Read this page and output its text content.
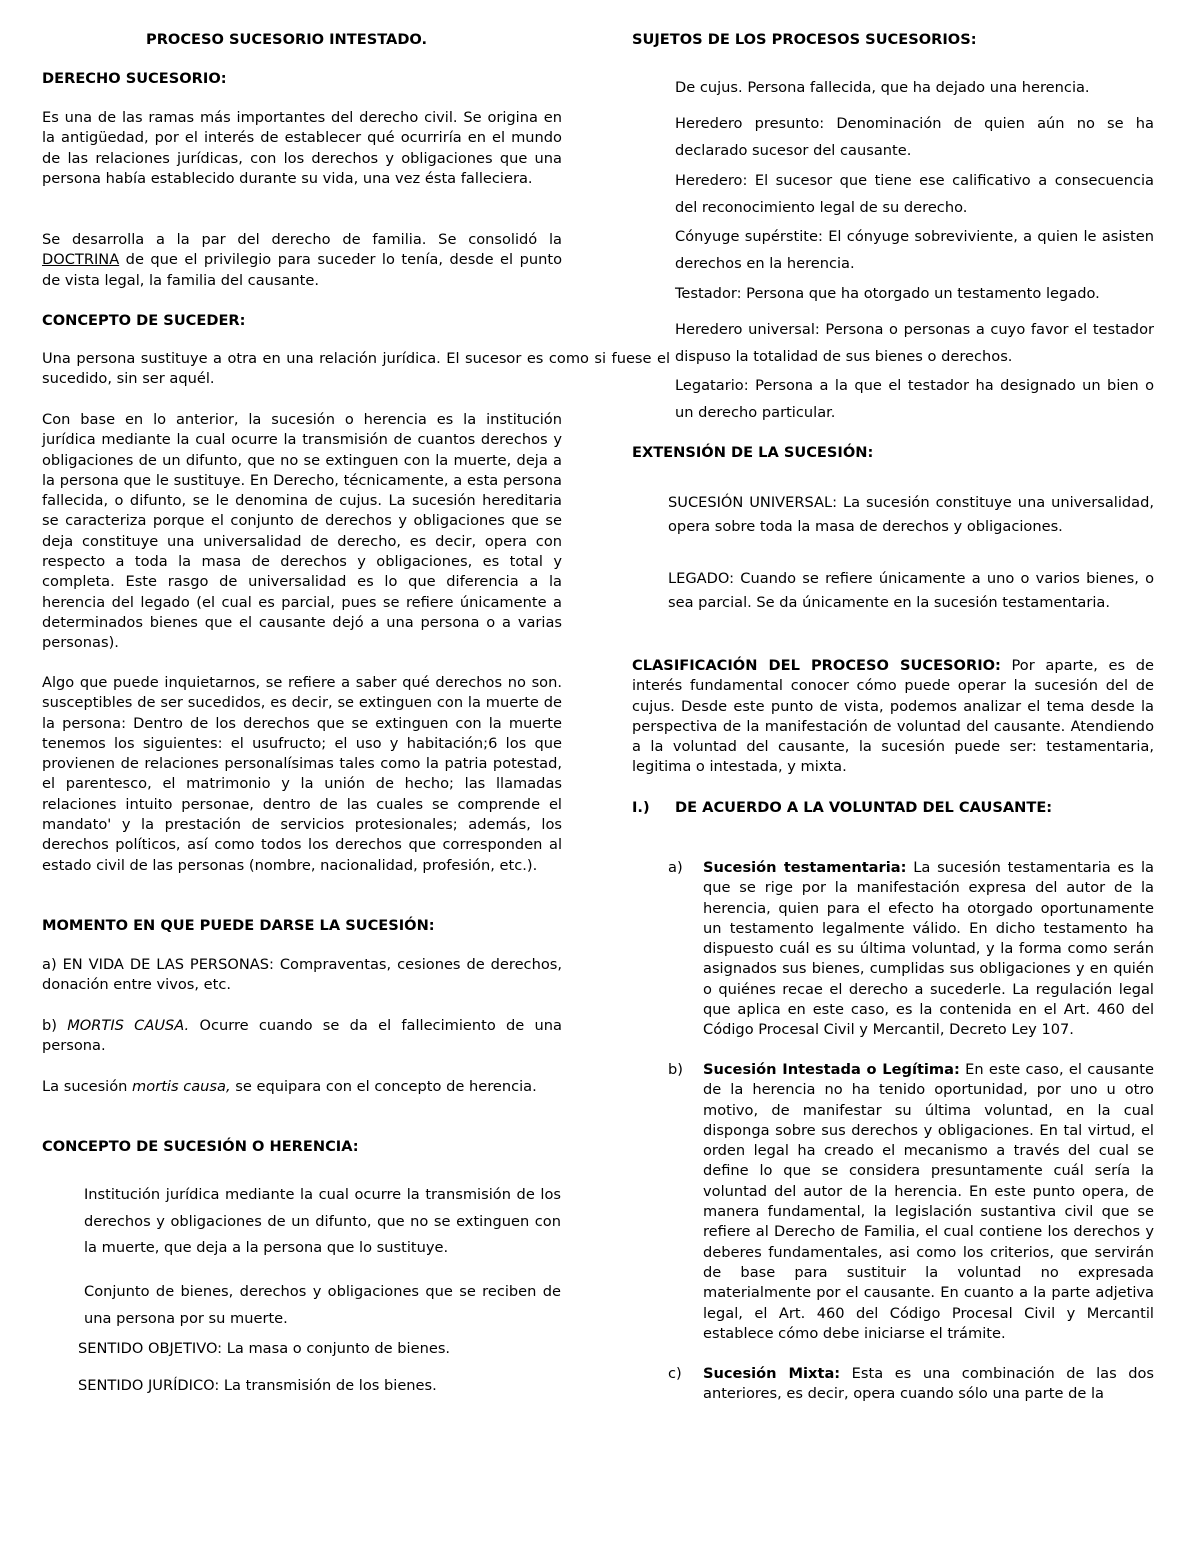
PROCESO SUCESORIO INTESTADO.

DERECHO SUCESORIO:

Es una de las ramas más importantes del derecho civil. Se origina en la antigüedad, por el interés de establecer qué ocurriría en el mundo de las relaciones jurídicas, con los derechos y obligaciones que una persona había establecido durante su vida, una vez ésta falleciera.

Se desarrolla a la par del derecho de familia. Se consolidó la DOCTRINA de que el privilegio para suceder lo tenía, desde el punto de vista legal, la familia del causante.

CONCEPTO DE SUCEDER:

Una persona sustituye a otra en una relación jurídica. El sucesor es como si fuese el sucedido, sin ser aquél.

Con base en lo anterior, la sucesión o herencia es la institución jurídica mediante la cual ocurre la transmisión de cuantos derechos y obligaciones de un difunto, que no se extinguen con la muerte, deja a la persona que le sustituye. En Derecho, técnicamente, a esta persona fallecida, o difunto, se le denomina de cujus. La sucesión hereditaria se caracteriza porque el conjunto de derechos y obligaciones que se deja constituye una universalidad de derecho, es decir, opera con respecto a toda la masa de derechos y obligaciones, es total y completa. Este rasgo de universalidad es lo que diferencia a la herencia del legado (el cual es parcial, pues se refiere únicamente a determinados bienes que el causante dejó a una persona o a varias personas).

Algo que puede inquietarnos, se refiere a saber qué derechos no son. susceptibles de ser sucedidos, es decir, se extinguen con la muerte de la persona: Dentro de los derechos que se extinguen con la muerte tenemos los siguientes: el usufructo; el uso y habitación;6 los que provienen de relaciones personalísimas tales como la patria potestad, el parentesco, el matrimonio y la unión de hecho; las llamadas relaciones intuito personae, dentro de las cuales se comprende el mandato' y la prestación de servicios protesionales; además, los derechos políticos, así como todos los derechos que corresponden al estado civil de las personas (nombre, nacionalidad, profesión, etc.).

MOMENTO EN QUE PUEDE DARSE LA SUCESIÓN:

a) EN VIDA DE LAS PERSONAS: Compraventas, cesiones de derechos, donación entre vivos, etc.

b) MORTIS CAUSA. Ocurre cuando se da el fallecimiento de una persona.

La sucesión mortis causa, se equipara con el concepto de herencia.

CONCEPTO DE SUCESIÓN O HERENCIA:

Institución jurídica mediante la cual ocurre la transmisión de los derechos y obligaciones de un difunto, que no se extinguen con la muerte, que deja a la persona que lo sustituye.

Conjunto de bienes, derechos y obligaciones que se reciben de una persona por su muerte.

SENTIDO OBJETIVO: La masa o conjunto de bienes.

SENTIDO JURÍDICO: La transmisión de los bienes.

SUJETOS DE LOS PROCESOS SUCESORIOS:

De cujus. Persona fallecida, que ha dejado una herencia.

Heredero presunto: Denominación de quien aún no se ha declarado sucesor del causante.

Heredero: El sucesor que tiene ese calificativo a consecuencia del reconocimiento legal de su derecho.

Cónyuge supérstite: El cónyuge sobreviviente, a quien le asisten derechos en la herencia.

Testador: Persona que ha otorgado un testamento legado.

Heredero universal: Persona o personas a cuyo favor el testador dispuso la totalidad de sus bienes o derechos.

Legatario: Persona a la que el testador ha designado un bien o un derecho particular.

EXTENSIÓN DE LA SUCESIÓN:

SUCESIÓN UNIVERSAL: La sucesión constituye una universalidad, opera sobre toda la masa de derechos y obligaciones.

LEGADO: Cuando se refiere únicamente a uno o varios bienes, o sea parcial. Se da únicamente en la sucesión testamentaria.

CLASIFICACIÓN DEL PROCESO SUCESORIO: Por aparte, es de interés fundamental conocer cómo puede operar la sucesión del de cujus. Desde este punto de vista, podemos analizar el tema desde la perspectiva de la manifestación de voluntad del causante. Atendiendo a la voluntad del causante, la sucesión puede ser: testamentaria, legitima o intestada, y mixta.

I.) DE ACUERDO A LA VOLUNTAD DEL CAUSANTE:

a) Sucesión testamentaria: La sucesión testamentaria es la que se rige por la manifestación expresa del autor de la herencia, quien para el efecto ha otorgado oportunamente un testamento legalmente válido. En dicho testamento ha dispuesto cuál es su última voluntad, y la forma como serán asignados sus bienes, cumplidas sus obligaciones y en quién o quiénes recae el derecho a sucederle. La regulación legal que aplica en este caso, es la contenida en el Art. 460 del Código Procesal Civil y Mercantil, Decreto Ley 107.
b) Sucesión Intestada o Legítima: En este caso, el causante de la herencia no ha tenido oportunidad, por uno u otro motivo, de manifestar su última voluntad, en la cual disponga sobre sus derechos y obligaciones. En tal virtud, el orden legal ha creado el mecanismo a través del cual se define lo que se considera presuntamente cuál sería la voluntad del autor de la herencia. En este punto opera, de manera fundamental, la legislación sustantiva civil que se refiere al Derecho de Familia, el cual contiene los derechos y deberes fundamentales, asi como los criterios, que servirán de base para sustituir la voluntad no expresada materialmente por el causante. En cuanto a la parte adjetiva legal, el Art. 460 del Código Procesal Civil y Mercantil establece cómo debe iniciarse el trámite.
c) Sucesión Mixta: Esta es una combinación de las dos anteriores, es decir, opera cuando sólo una parte de la
